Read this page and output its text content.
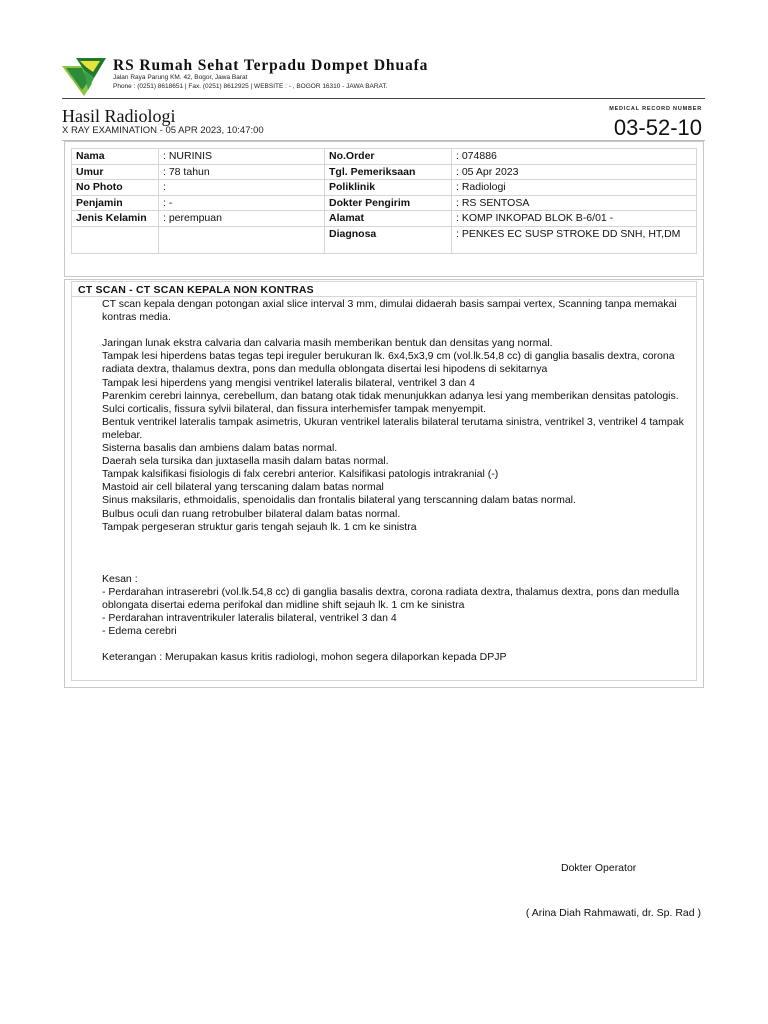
RS Rumah Sehat Terpadu Dompet Dhuafa
Jalan Raya Parung KM. 42, Bogor, Jawa Barat
Phone : (0251) 8618651 | Fax. (0251) 8612925 | WEBSITE : - , BOGOR 16310 - JAWA BARAT.
Hasil Radiologi
X RAY EXAMINATION - 05 APR 2023, 10:47:00
MEDICAL RECORD NUMBER
03-52-10
Nama	: NURINIS	No.Order	: 074886
Umur	: 78 tahun	Tgl. Pemeriksaan	: 05 Apr 2023
No Photo	:	Poliklinik	: Radiologi
Penjamin	: -	Dokter Pengirim	: RS SENTOSA
Jenis Kelamin	: perempuan	Alamat	: KOMP INKOPAD BLOK B-6/01 -
		Diagnosa	: PENKES EC SUSP STROKE DD SNH, HT,DM
CT SCAN - CT SCAN KEPALA NON KONTRAS

CT scan kepala dengan potongan axial slice interval 3 mm, dimulai didaerah basis sampai vertex, Scanning tanpa memakai kontras media.

Jaringan lunak ekstra calvaria dan calvaria masih memberikan bentuk dan densitas yang normal.

Tampak lesi hiperdens batas tegas tepi ireguler berukuran lk. 6x4,5x3,9 cm (vol.lk.54,8 cc) di ganglia basalis dextra, corona radiata dextra, thalamus dextra, pons dan medulla oblongata disertai lesi hipodens di sekitarnya

Tampak lesi hiperdens yang mengisi ventrikel lateralis bilateral, ventrikel 3 dan 4

Parenkim cerebri lainnya, cerebellum, dan batang otak tidak menunjukkan adanya lesi yang memberikan densitas patologis.

Sulci corticalis, fissura sylvii bilateral, dan fissura interhemisfer tampak menyempit.

Bentuk ventrikel lateralis tampak asimetris, Ukuran ventrikel lateralis bilateral terutama sinistra, ventrikel 3, ventrikel 4 tampak melebar.

Sisterna basalis dan ambiens dalam batas normal.

Daerah sela tursika dan juxtasella masih dalam batas normal.

Tampak kalsifikasi fisiologis di falx cerebri anterior. Kalsifikasi patologis intrakranial (-)

Mastoid air cell bilateral yang terscaning dalam batas normal

Sinus maksilaris, ethmoidalis, spenoidalis dan frontalis bilateral yang terscanning dalam batas normal.

Bulbus oculi dan ruang retrobulber bilateral dalam batas normal.

Tampak pergeseran struktur garis tengah sejauh lk. 1 cm ke sinistra

Kesan :

- Perdarahan intraserebri (vol.lk.54,8 cc) di ganglia basalis dextra, corona radiata dextra, thalamus dextra, pons dan medulla oblongata disertai edema perifokal dan midline shift sejauh lk. 1 cm ke sinistra

- Perdarahan intraventrikuler lateralis bilateral, ventrikel 3 dan 4

- Edema cerebri

Keterangan : Merupakan kasus kritis radiologi, mohon segera dilaporkan kepada DPJP

Dokter Operator
( Arina Diah Rahmawati, dr. Sp. Rad )
